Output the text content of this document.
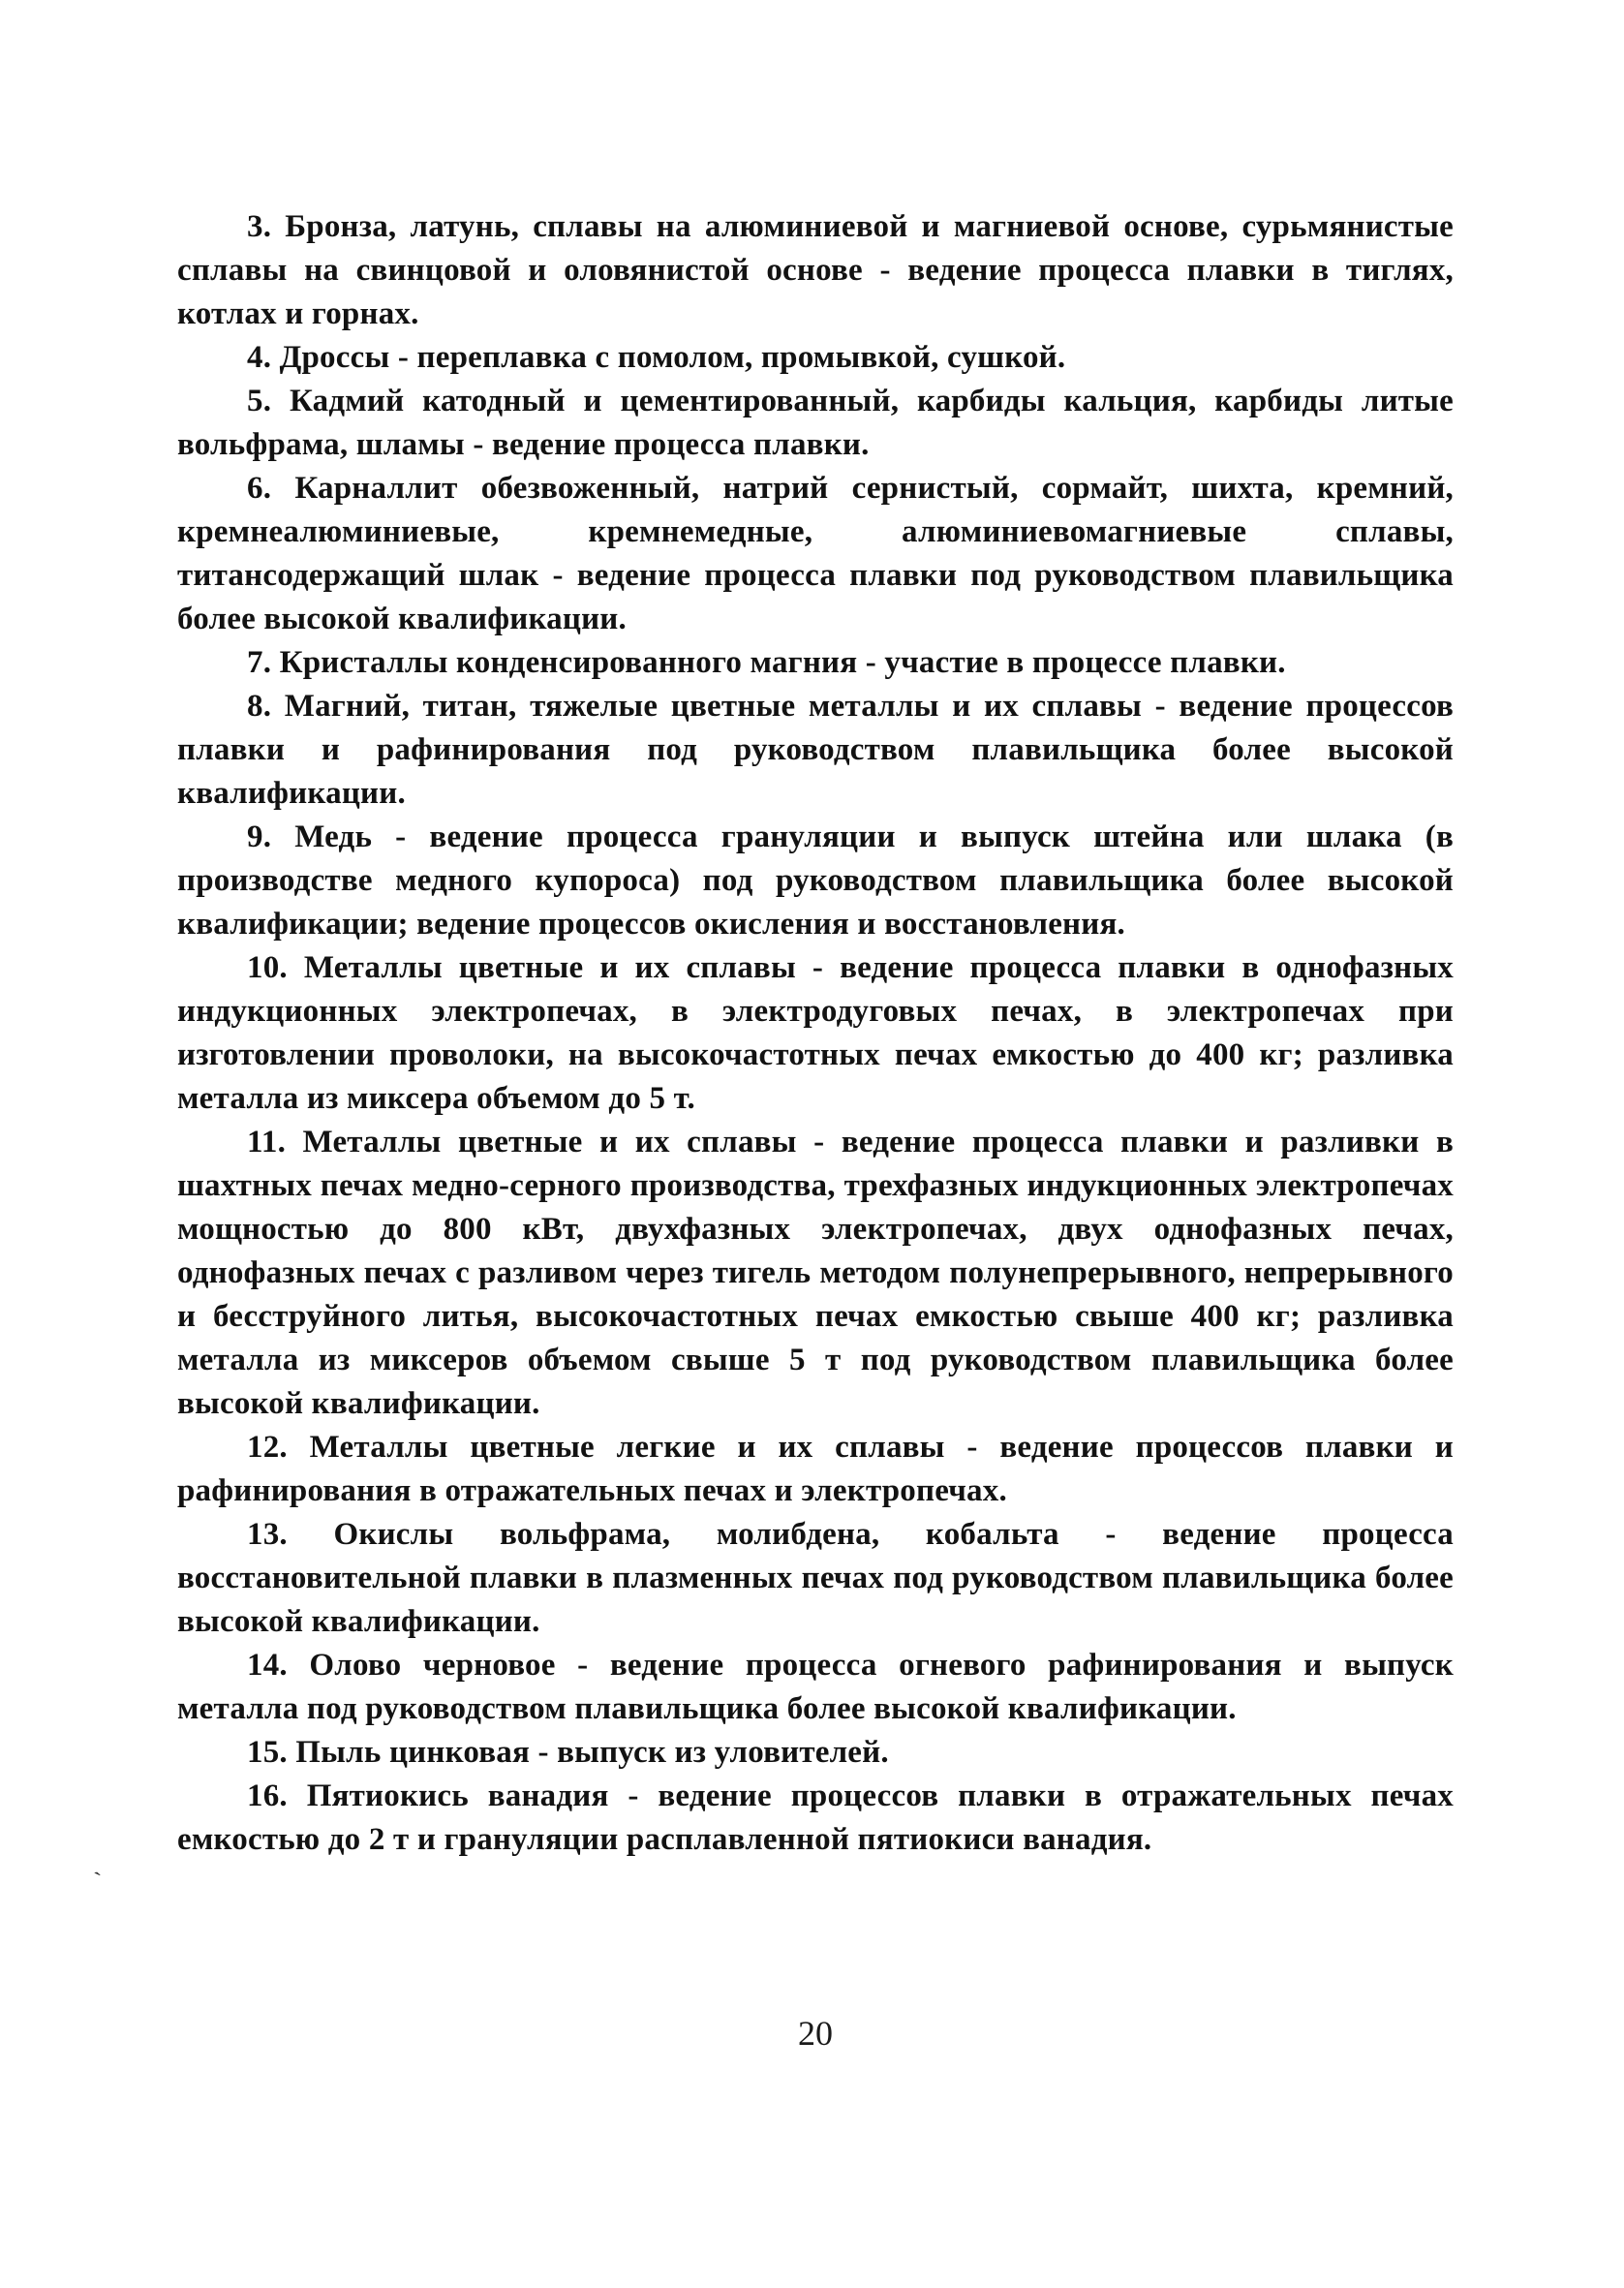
3. Бронза, латунь, сплавы на алюминиевой и магниевой основе, сурьмянистые сплавы на свинцовой и оловянистой основе - ведение процесса плавки в тиглях, котлах и горнах.

4. Дроссы - переплавка с помолом, промывкой, сушкой.

5. Кадмий катодный и цементированный, карбиды кальция, карбиды литые вольфрама, шламы - ведение процесса плавки.

6. Карналлит обезвоженный, натрий сернистый, сормайт, шихта, кремний, кремнеалюминиевые, кремнемедные, алюминиевомагниевые сплавы, титансодержащий шлак - ведение процесса плавки под руководством плавильщика более высокой квалификации.

7. Кристаллы конденсированного магния - участие в процессе плавки.

8. Магний, титан, тяжелые цветные металлы и их сплавы - ведение процессов плавки и рафинирования под руководством плавильщика более высокой квалификации.

9. Медь - ведение процесса грануляции и выпуск штейна или шлака (в производстве медного купороса) под руководством плавильщика более высокой квалификации; ведение процессов окисления и восстановления.

10. Металлы цветные и их сплавы - ведение процесса плавки в однофазных индукционных электропечах, в электродуговых печах, в электропечах при изготовлении проволоки, на высокочастотных печах емкостью до 400 кг; разливка металла из миксера объемом до 5 т.

11. Металлы цветные и их сплавы - ведение процесса плавки и разливки в шахтных печах медно-серного производства, трехфазных индукционных электропечах мощностью до 800 кВт, двухфазных электропечах, двух однофазных печах, однофазных печах с разливом через тигель методом полунепрерывного, непрерывного и бесструйного литья, высокочастотных печах емкостью свыше 400 кг; разливка металла из миксеров объемом свыше 5 т под руководством плавильщика более высокой квалификации.

12. Металлы цветные легкие и их сплавы - ведение процессов плавки и рафинирования в отражательных печах и электропечах.

13. Окислы вольфрама, молибдена, кобальта - ведение процесса восстановительной плавки в плазменных печах под руководством плавильщика более высокой квалификации.

14. Олово черновое - ведение процесса огневого рафинирования и выпуск металла под руководством плавильщика более высокой квалификации.

15. Пыль цинковая - выпуск из уловителей.

16. Пятиокись ванадия - ведение процессов плавки в отражательных печах емкостью до 2 т и грануляции расплавленной пятиокиси ванадия.

ˏ
20
